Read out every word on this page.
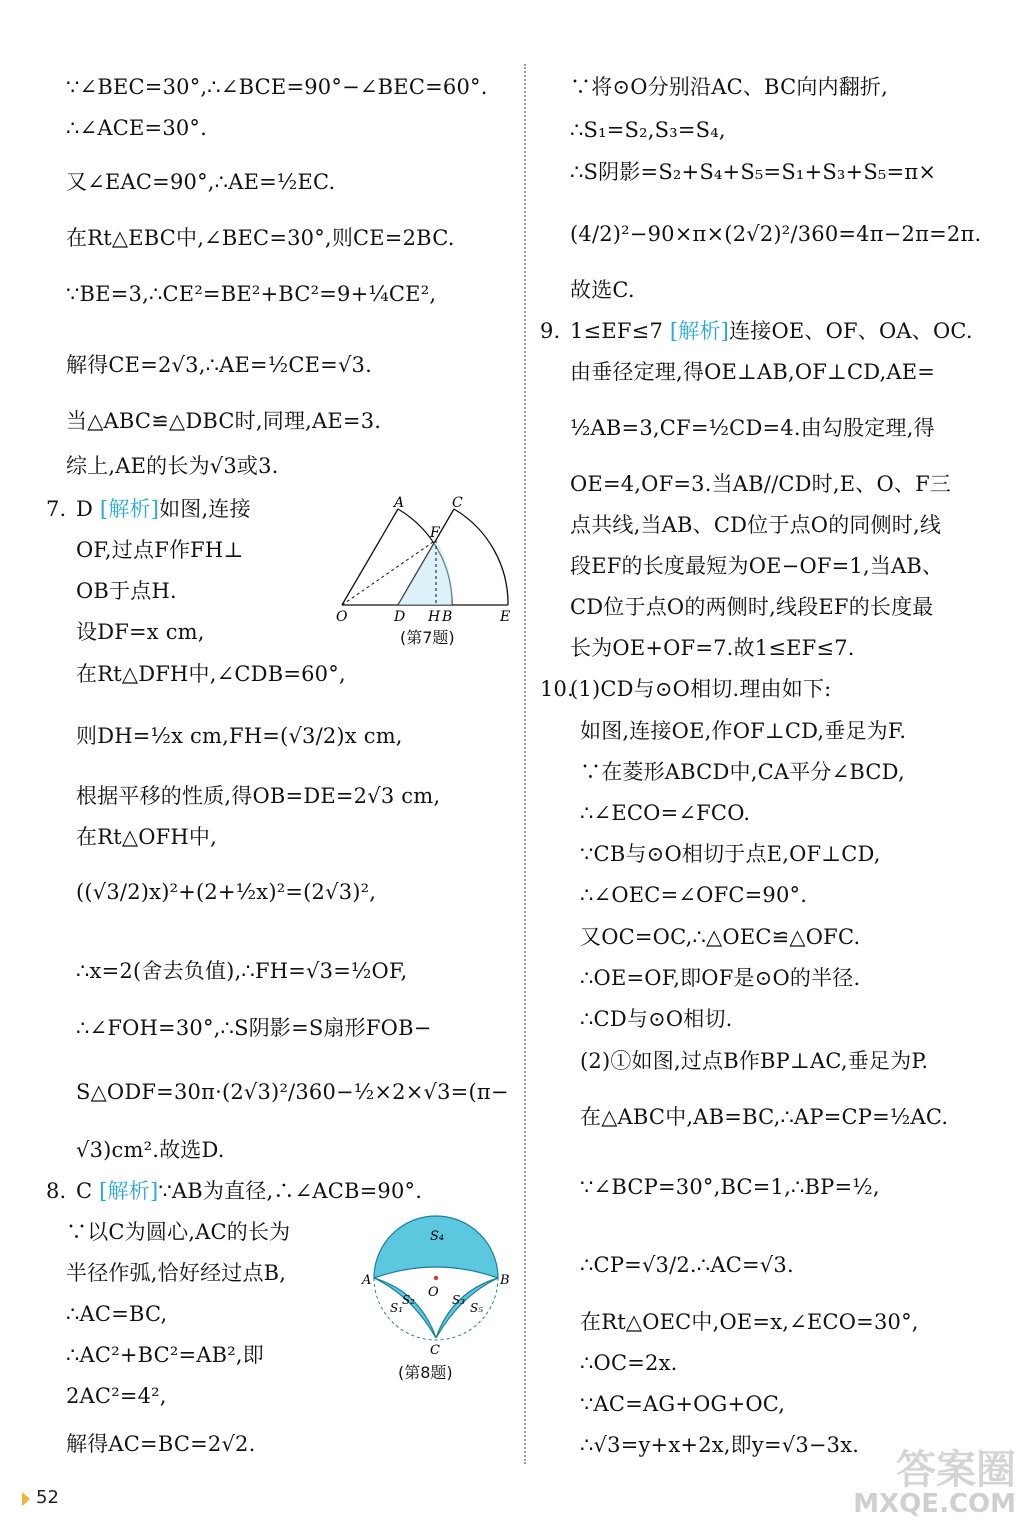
∵∠BEC=30°,∴∠BCE=90°−∠BEC=60°.
∴∠ACE=30°.
又∠EAC=90°,∴AE=½EC.
在Rt△EBC中,∠BEC=30°,则CE=2BC.
∵BE=3,∴CE²=BE²+BC²=9+¼CE²,
解得CE=2√3,∴AE=½CE=√3.
当△ABC≌△DBC时,同理,AE=3.
综上,AE的长为√3或3.
7. D [解析]如图,连接
OF,过点F作FH⊥
OB于点H.
设DF=x cm,
在Rt△DFH中,∠CDB=60°,
则DH=½x cm,FH=(√3/2)x cm,
根据平移的性质,得OB=DE=2√3 cm,
在Rt△OFH中,
((√3/2)x)²+(2+½x)²=(2√3)²,
∴x=2(舍去负值),∴FH=√3=½OF,
∴∠FOH=30°,∴S阴影=S扇形FOB−
S△ODF=30π·(2√3)²/360−½×2×√3=(π−
√3)cm².故选D.
8. C [解析]∵AB为直径,∴∠ACB=90°.
∵以C为圆心,AC的长为
半径作弧,恰好经过点B,
∴AC=BC,
∴AC²+BC²=AB²,即
2AC²=4²,
解得AC=BC=2√2.
A	C
F
O	D H B	E
(第7题)
S₄
A	B
O
S₁
S₂	S₃
S₅
C
(第8题)
∵将⊙O分别沿AC、BC向内翻折,
∴S₁=S₂,S₃=S₄,
∴S阴影=S₂+S₄+S₅=S₁+S₃+S₅=π×
(4/2)²−90×π×(2√2)²/360=4π−2π=2π.
故选C.
9. 1≤EF≤7 [解析]连接OE、OF、OA、OC.
由垂径定理,得OE⊥AB,OF⊥CD,AE=
½AB=3,CF=½CD=4.由勾股定理,得
OE=4,OF=3.当AB//CD时,E、O、F三
点共线,当AB、CD位于点O的同侧时,线
段EF的长度最短为OE−OF=1,当AB、
CD位于点O的两侧时,线段EF的长度最
长为OE+OF=7.故1≤EF≤7.
10.
(1)CD与⊙O相切.理由如下:
如图,连接OE,作OF⊥CD,垂足为F.
∵在菱形ABCD中,CA平分∠BCD,
∴∠ECO=∠FCO.
∵CB与⊙O相切于点E,OF⊥CD,
∴∠OEC=∠OFC=90°.
又OC=OC,∴△OEC≌△OFC.
∴OE=OF,即OF是⊙O的半径.
∴CD与⊙O相切.
(2)①如图,过点B作BP⊥AC,垂足为P.
在△ABC中,AB=BC,∴AP=CP=½AC.
∵∠BCP=30°,BC=1,∴BP=½,
∴CP=√3/2.∴AC=√3.
在Rt△OEC中,OE=x,∠ECO=30°,
∴OC=2x.
∵AC=AG+OG+OC,
∴√3=y+x+2x,即y=√3−3x.
52
答案圈
MXQE.COM
